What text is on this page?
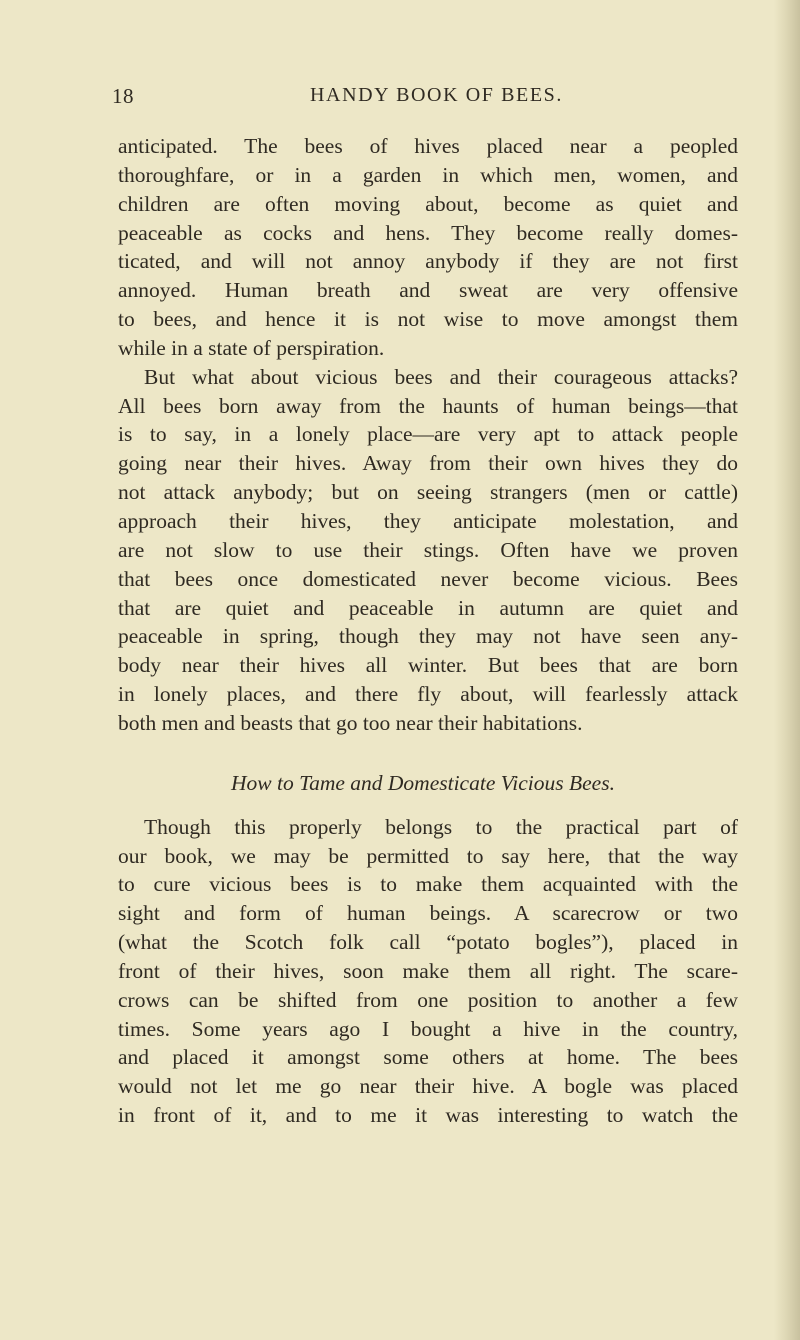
18	HANDY BOOK OF BEES.
anticipated. The bees of hives placed near a peopled
thoroughfare, or in a garden in which men, women, and
children are often moving about, become as quiet and
peaceable as cocks and hens. They become really domes-
ticated, and will not annoy anybody if they are not first
annoyed. Human breath and sweat are very offensive
to bees, and hence it is not wise to move amongst them
while in a state of perspiration.
But what about vicious bees and their courageous attacks?
All bees born away from the haunts of human beings—that
is to say, in a lonely place—are very apt to attack people
going near their hives. Away from their own hives they do
not attack anybody; but on seeing strangers (men or cattle)
approach their hives, they anticipate molestation, and
are not slow to use their stings. Often have we proven
that bees once domesticated never become vicious. Bees
that are quiet and peaceable in autumn are quiet and
peaceable in spring, though they may not have seen any-
body near their hives all winter. But bees that are born
in lonely places, and there fly about, will fearlessly attack
both men and beasts that go too near their habitations.
How to Tame and Domesticate Vicious Bees.
Though this properly belongs to the practical part of
our book, we may be permitted to say here, that the way
to cure vicious bees is to make them acquainted with the
sight and form of human beings. A scarecrow or two
(what the Scotch folk call “potato bogles”), placed in
front of their hives, soon make them all right. The scare-
crows can be shifted from one position to another a few
times. Some years ago I bought a hive in the country,
and placed it amongst some others at home. The bees
would not let me go near their hive. A bogle was placed
in front of it, and to me it was interesting to watch the
